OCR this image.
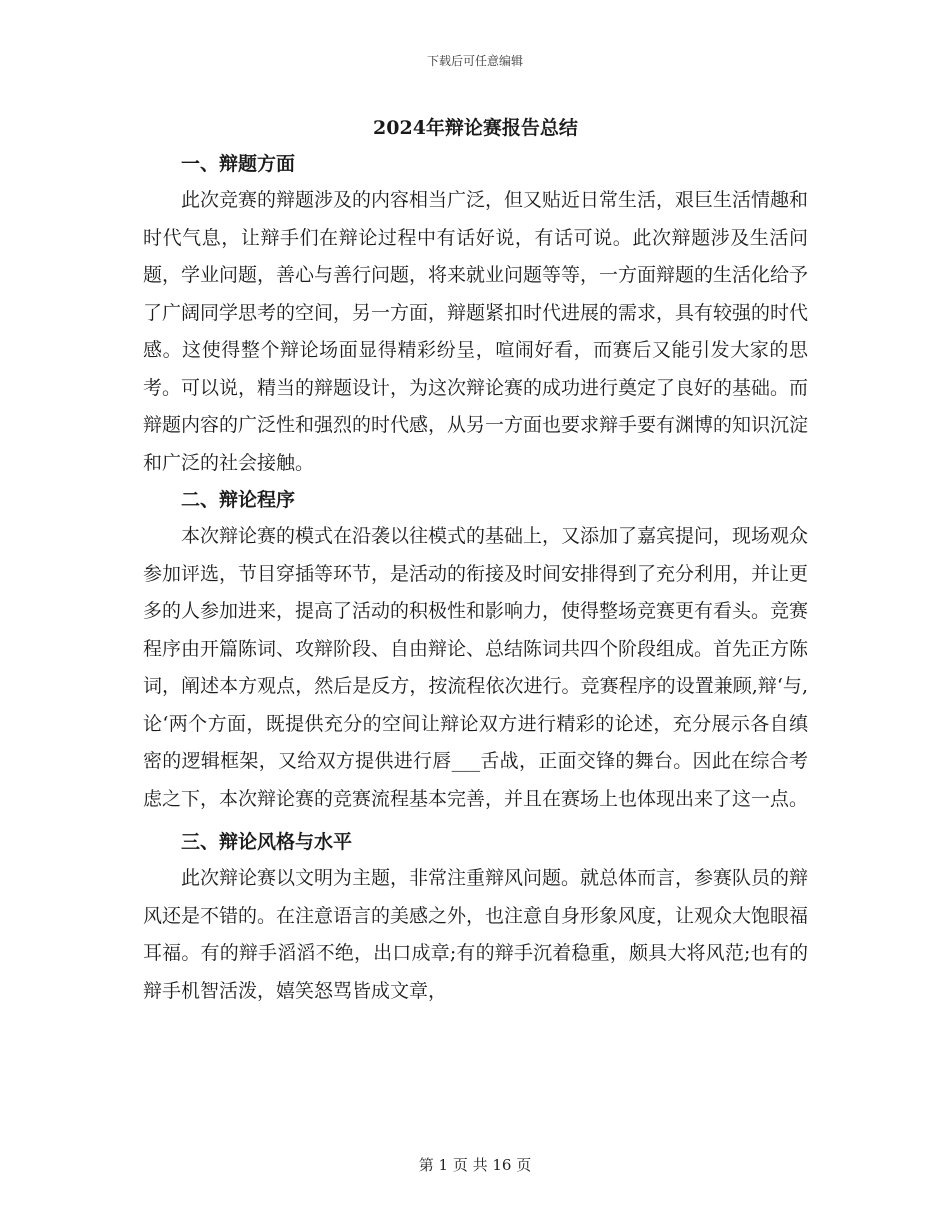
下载后可任意编辑
2024年辩论赛报告总结
一、辩题方面

此次竞赛的辩题涉及的内容相当广泛，但又贴近日常生活，艰巨生活情趣和时代气息，让辩手们在辩论过程中有话好说，有话可说。此次辩题涉及生活问题，学业问题，善心与善行问题，将来就业问题等等，一方面辩题的生活化给予了广阔同学思考的空间，另一方面，辩题紧扣时代进展的需求，具有较强的时代感。这使得整个辩论场面显得精彩纷呈，喧闹好看，而赛后又能引发大家的思考。可以说，精当的辩题设计，为这次辩论赛的成功进行奠定了良好的基础。而辩题内容的广泛性和强烈的时代感，从另一方面也要求辩手要有渊博的知识沉淀和广泛的社会接触。

二、辩论程序

本次辩论赛的模式在沿袭以往模式的基础上，又添加了嘉宾提问，现场观众参加评选，节目穿插等环节，是活动的衔接及时间安排得到了充分利用，并让更多的人参加进来，提高了活动的积极性和影响力，使得整场竞赛更有看头。竞赛程序由开篇陈词、攻辩阶段、自由辩论、总结陈词共四个阶段组成。首先正方陈词，阐述本方观点，然后是反方，按流程依次进行。竞赛程序的设置兼顾,辩‘与,论‘两个方面，既提供充分的空间让辩论双方进行精彩的论述，充分展示各自缜密的逻辑框架，又给双方提供进行唇___舌战，正面交锋的舞台。因此在综合考虑之下，本次辩论赛的竞赛流程基本完善，并且在赛场上也体现出来了这一点。

三、辩论风格与水平

此次辩论赛以文明为主题，非常注重辩风问题。就总体而言，参赛队员的辩风还是不错的。在注意语言的美感之外，也注意自身形象风度，让观众大饱眼福耳福。有的辩手滔滔不绝，出口成章;有的辩手沉着稳重，颇具大将风范;也有的辩手机智活泼，嬉笑怒骂皆成文章，

第 1 页 共 16 页
